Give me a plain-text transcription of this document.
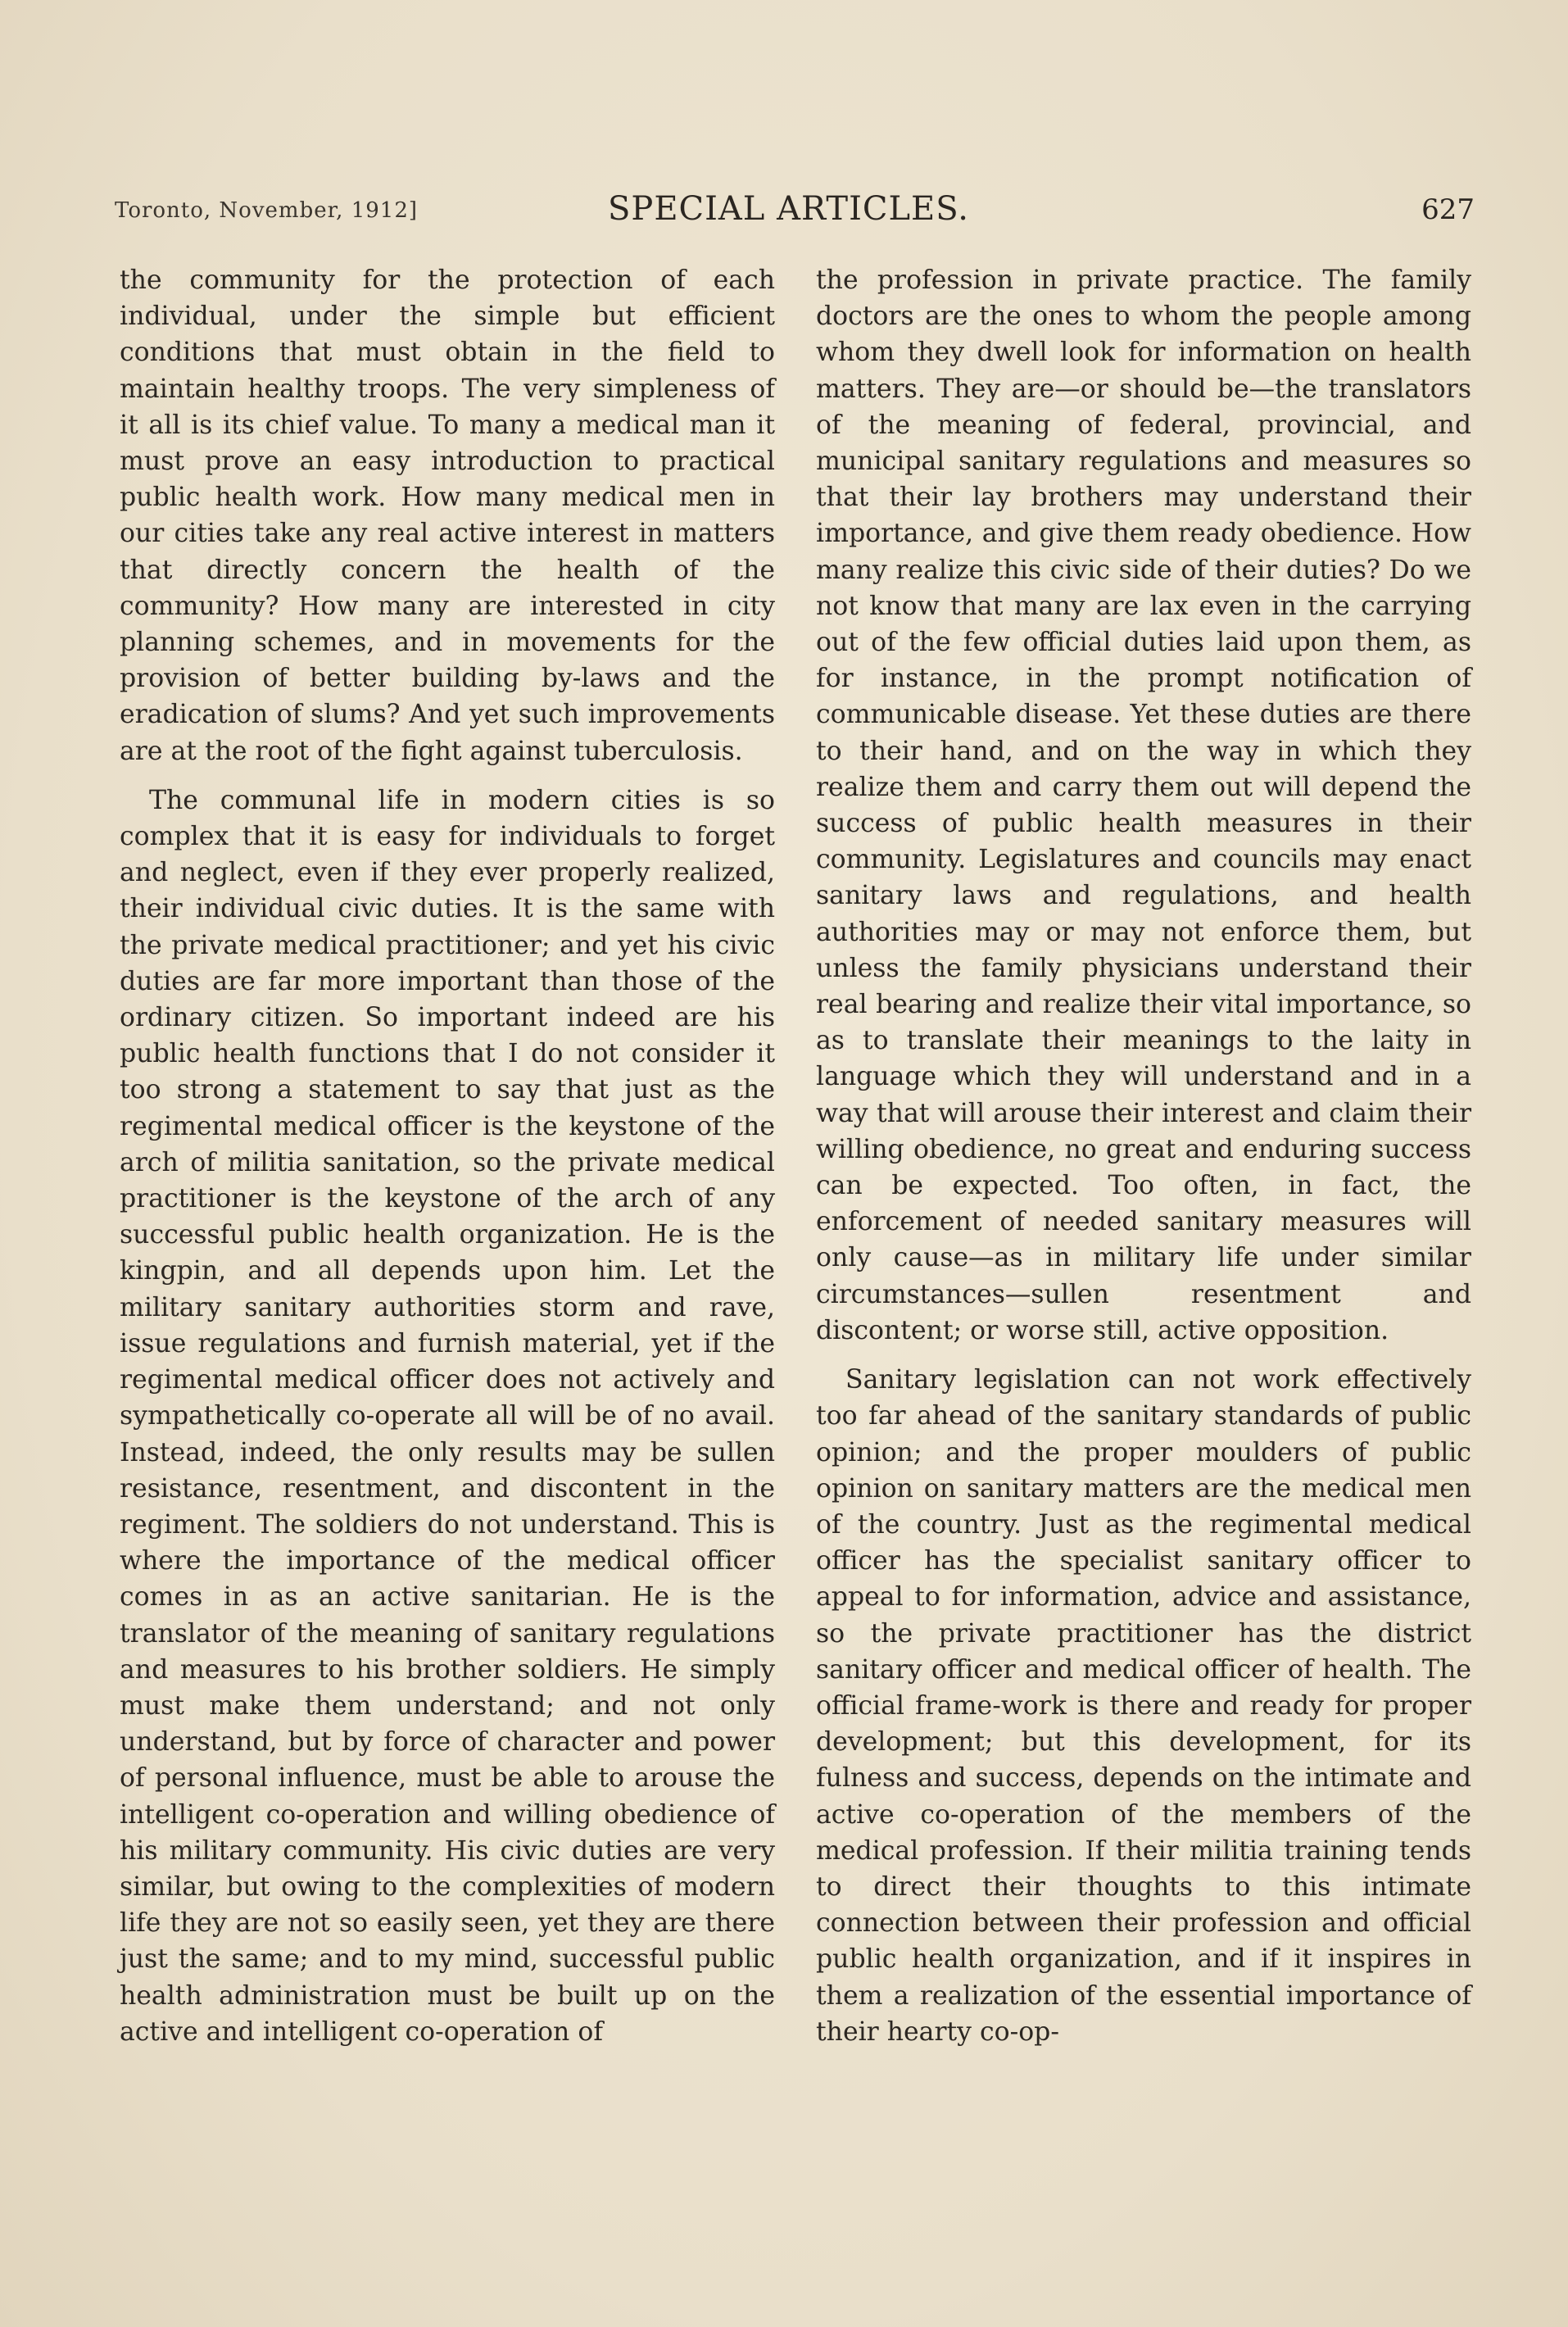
Toronto, November, 1912]	SPECIAL ARTICLES.	627

the community for the protection of each individual, under the simple but efficient conditions that must obtain in the field to maintain healthy troops. The very simpleness of it all is its chief value. To many a medical man it must prove an easy introduction to practical public health work. How many medical men in our cities take any real active interest in matters that directly concern the health of the community? How many are interested in city planning schemes, and in movements for the provision of better building by-laws and the eradication of slums? And yet such improvements are at the root of the fight against tuberculosis.

The communal life in modern cities is so complex that it is easy for individuals to forget and neglect, even if they ever properly realized, their individual civic duties. It is the same with the private medical practitioner; and yet his civic duties are far more important than those of the ordinary citizen. So important indeed are his public health functions that I do not consider it too strong a statement to say that just as the regimental medical officer is the keystone of the arch of militia sanitation, so the private medical practitioner is the keystone of the arch of any successful public health organization. He is the kingpin, and all depends upon him. Let the military sanitary authorities storm and rave, issue regulations and furnish material, yet if the regimental medical officer does not actively and sympathetically co-operate all will be of no avail. Instead, indeed, the only results may be sullen resistance, resentment, and discontent in the regiment. The soldiers do not understand. This is where the importance of the medical officer comes in as an active sanitarian. He is the translator of the meaning of sanitary regulations and measures to his brother soldiers. He simply must make them understand; and not only understand, but by force of character and power of personal influence, must be able to arouse the intelligent co-operation and willing obedience of his military community. His civic duties are very similar, but owing to the complexities of modern life they are not so easily seen, yet they are there just the same; and to my mind, successful public health administration must be built up on the active and intelligent co-operation of

the profession in private practice. The family doctors are the ones to whom the people among whom they dwell look for information on health matters. They are—or should be—the translators of the meaning of federal, provincial, and municipal sanitary regulations and measures so that their lay brothers may understand their importance, and give them ready obedience. How many realize this civic side of their duties? Do we not know that many are lax even in the carrying out of the few official duties laid upon them, as for instance, in the prompt notification of communicable disease. Yet these duties are there to their hand, and on the way in which they realize them and carry them out will depend the success of public health measures in their community. Legislatures and councils may enact sanitary laws and regulations, and health authorities may or may not enforce them, but unless the family physicians understand their real bearing and realize their vital importance, so as to translate their meanings to the laity in language which they will understand and in a way that will arouse their interest and claim their willing obedience, no great and enduring success can be expected. Too often, in fact, the enforcement of needed sanitary measures will only cause—as in military life under similar circumstances—sullen resentment and discontent; or worse still, active opposition.

Sanitary legislation can not work effectively too far ahead of the sanitary standards of public opinion; and the proper moulders of public opinion on sanitary matters are the medical men of the country. Just as the regimental medical officer has the specialist sanitary officer to appeal to for information, advice and assistance, so the private practitioner has the district sanitary officer and medical officer of health. The official frame-work is there and ready for proper development; but this development, for its fulness and success, depends on the intimate and active co-operation of the members of the medical profession. If their militia training tends to direct their thoughts to this intimate connection between their profession and official public health organization, and if it inspires in them a realization of the essential importance of their hearty co-op-
